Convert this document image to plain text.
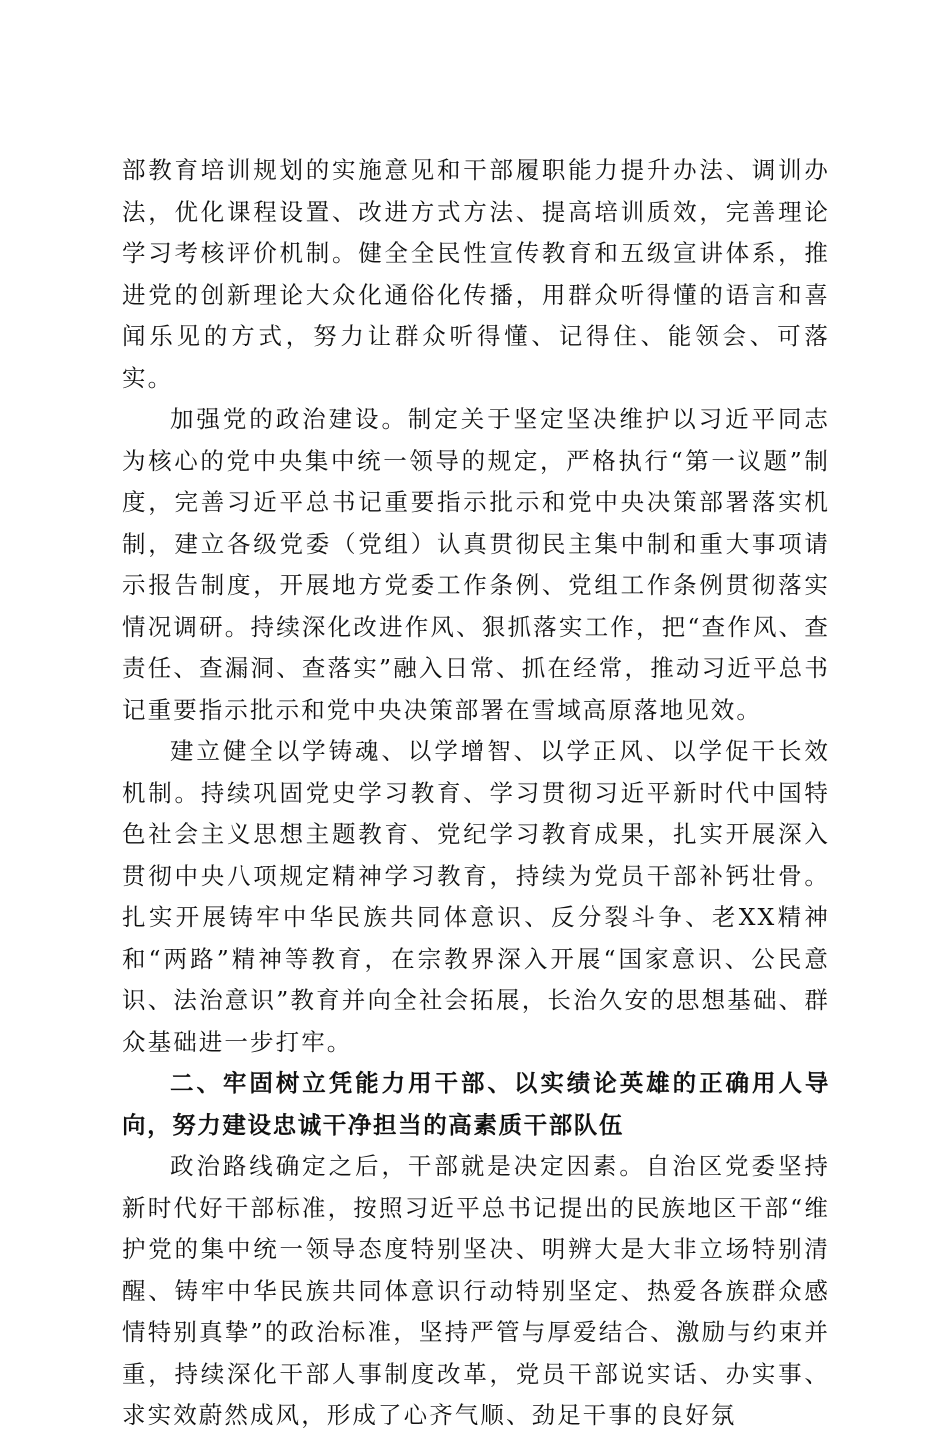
部教育培训规划的实施意见和干部履职能力提升办法、调训办法，优化课程设置、改进方式方法、提高培训质效，完善理论学习考核评价机制。健全全民性宣传教育和五级宣讲体系，推进党的创新理论大众化通俗化传播，用群众听得懂的语言和喜闻乐见的方式，努力让群众听得懂、记得住、能领会、可落实。

加强党的政治建设。制定关于坚定坚决维护以习近平同志为核心的党中央集中统一领导的规定，严格执行“第一议题”制度，完善习近平总书记重要指示批示和党中央决策部署落实机制，建立各级党委（党组）认真贯彻民主集中制和重大事项请示报告制度，开展地方党委工作条例、党组工作条例贯彻落实情况调研。持续深化改进作风、狠抓落实工作，把“查作风、查责任、查漏洞、查落实”融入日常、抓在经常，推动习近平总书记重要指示批示和党中央决策部署在雪域高原落地见效。

建立健全以学铸魂、以学增智、以学正风、以学促干长效机制。持续巩固党史学习教育、学习贯彻习近平新时代中国特色社会主义思想主题教育、党纪学习教育成果，扎实开展深入贯彻中央八项规定精神学习教育，持续为党员干部补钙壮骨。扎实开展铸牢中华民族共同体意识、反分裂斗争、老XX精神和“两路”精神等教育，在宗教界深入开展“国家意识、公民意识、法治意识”教育并向全社会拓展，长治久安的思想基础、群众基础进一步打牢。

二、牢固树立凭能力用干部、以实绩论英雄的正确用人导向，努力建设忠诚干净担当的高素质干部队伍

政治路线确定之后，干部就是决定因素。自治区党委坚持新时代好干部标准，按照习近平总书记提出的民族地区干部“维护党的集中统一领导态度特别坚决、明辨大是大非立场特别清醒、铸牢中华民族共同体意识行动特别坚定、热爱各族群众感情特别真挚”的政治标准，坚持严管与厚爱结合、激励与约束并重，持续深化干部人事制度改革，党员干部说实话、办实事、求实效蔚然成风，形成了心齐气顺、劲足干事的良好氛
